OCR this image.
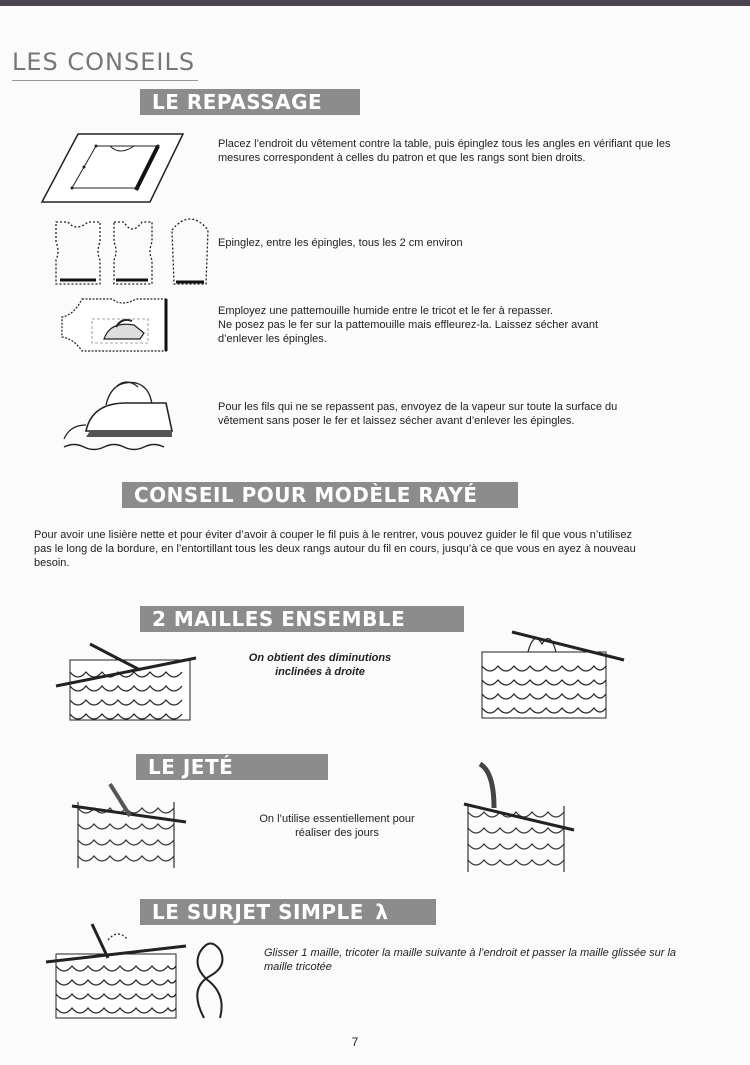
LES CONSEILS
LE REPASSAGE
Placez l’endroit du vêtement contre la table, puis épinglez tous les angles en vérifiant que les mesures correspondent à celles du patron et que les rangs sont bien droits.
Epinglez, entre les épingles, tous les 2 cm environ
Employez une pattemouille humide entre le tricot et le fer à repasser.
Ne posez pas le fer sur la pattemouille mais effleurez-la. Laissez sécher avant d’enlever les épingles.
Pour les fils qui ne se repassent pas, envoyez de la vapeur sur toute la surface du vêtement sans poser le fer et laissez sécher avant d’enlever les épingles.
CONSEIL POUR MODÈLE RAYÉ
Pour avoir une lisière nette et pour éviter d’avoir à couper le fil puis à le rentrer, vous pouvez guider le fil que vous n’utilisez pas le long de la bordure, en l’entortillant tous les deux rangs autour du fil en cours, jusqu’à ce que vous en ayez à nouveau besoin.
2 MAILLES ENSEMBLE
On obtient des diminutions inclinées à droite
LE JETÉ
On l’utilise essentiellement pour réaliser des jours
LE SURJET SIMPLE λ
Glisser 1 maille, tricoter la maille suivante à l’endroit et passer la maille glissée sur la maille tricotée
7
